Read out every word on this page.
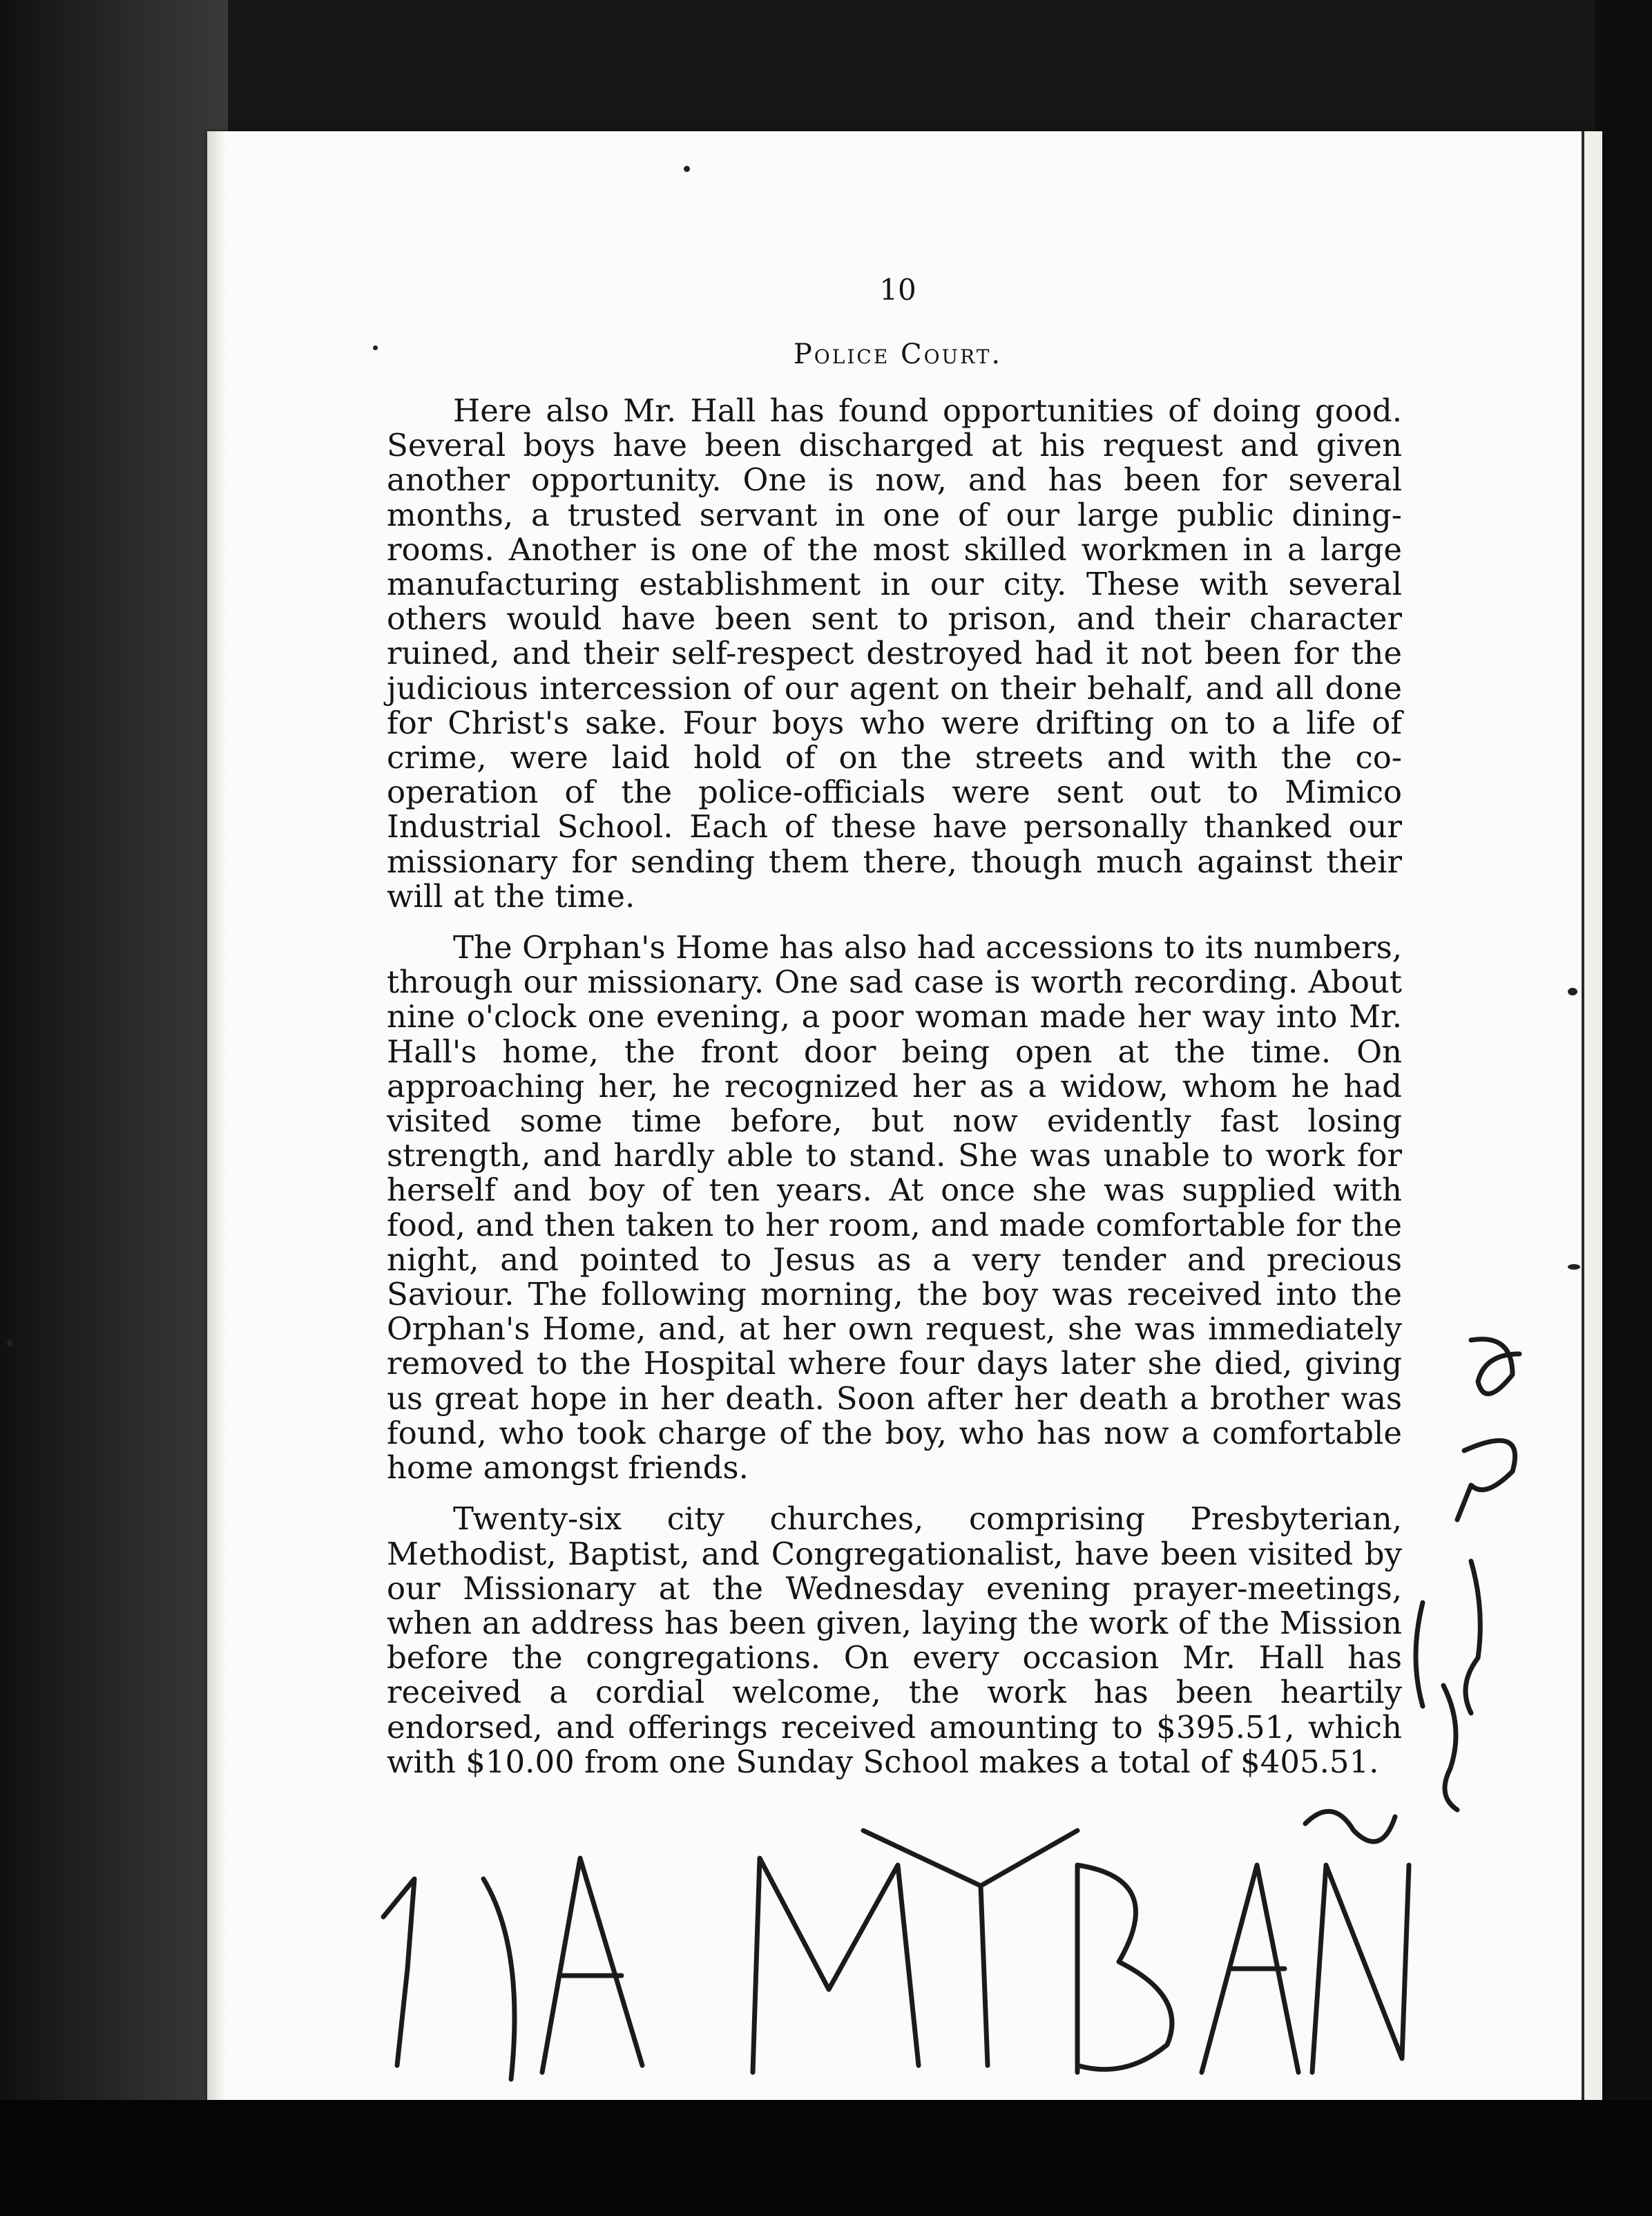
10
Police Court.

Here also Mr. Hall has found opportunities of doing good. Several boys have been discharged at his request and given another opportunity. One is now, and has been for several months, a trusted servant in one of our large public dining-rooms. Another is one of the most skilled workmen in a large manufacturing establishment in our city. These with several others would have been sent to prison, and their character ruined, and their self-respect destroyed had it not been for the judicious intercession of our agent on their behalf, and all done for Christ's sake. Four boys who were drifting on to a life of crime, were laid hold of on the streets and with the co-operation of the police-officials were sent out to Mimico Industrial School. Each of these have personally thanked our missionary for sending them there, though much against their will at the time.

The Orphan's Home has also had accessions to its numbers, through our missionary. One sad case is worth recording. About nine o'clock one evening, a poor woman made her way into Mr. Hall's home, the front door being open at the time. On approaching her, he recognized her as a widow, whom he had visited some time before, but now evidently fast losing strength, and hardly able to stand. She was unable to work for herself and boy of ten years. At once she was supplied with food, and then taken to her room, and made comfortable for the night, and pointed to Jesus as a very tender and precious Saviour. The following morning, the boy was received into the Orphan's Home, and, at her own request, she was immediately removed to the Hospital where four days later she died, giving us great hope in her death. Soon after her death a brother was found, who took charge of the boy, who has now a comfortable home amongst friends.

Twenty-six city churches, comprising Presbyterian, Methodist, Baptist, and Congregationalist, have been visited by our Missionary at the Wednesday evening prayer-meetings, when an address has been given, laying the work of the Mission before the congregations. On every occasion Mr. Hall has received a cordial welcome, the work has been heartily endorsed, and offerings received amounting to $395.51, which with $10.00 from one Sunday School makes a total of $405.51.
